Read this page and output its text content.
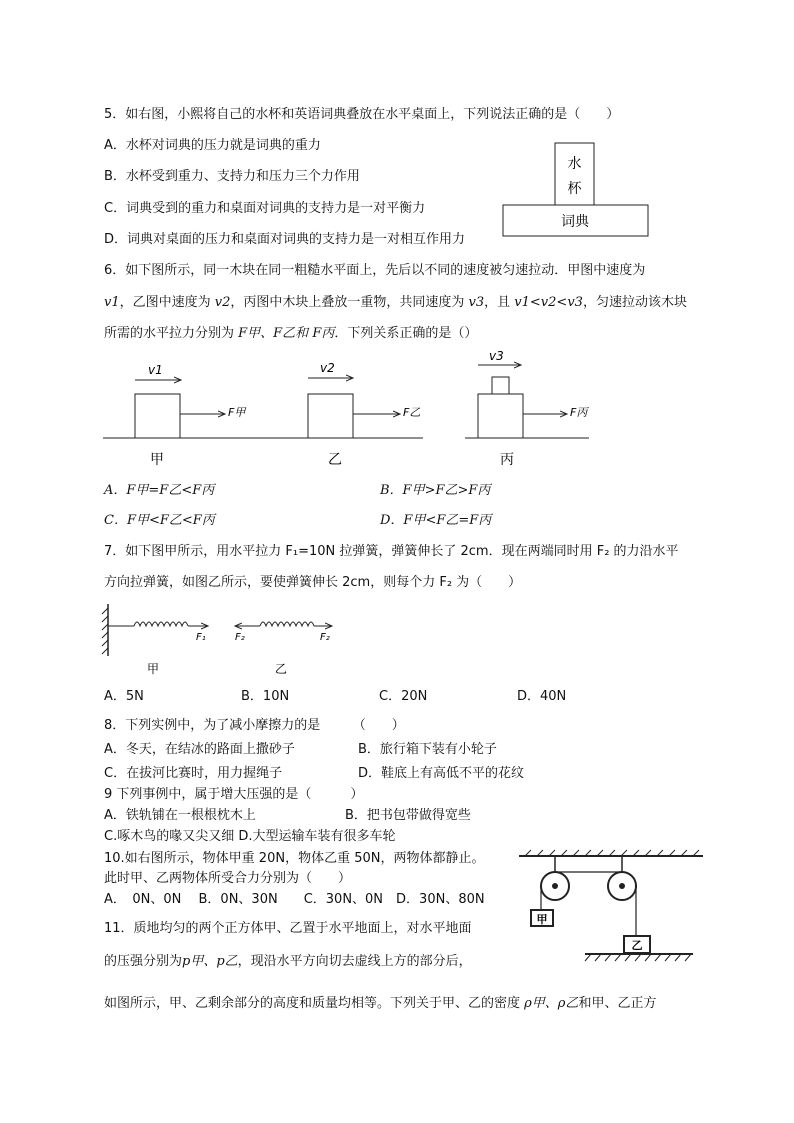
5．如右图，小熙将自己的水杯和英语词典叠放在水平桌面上，下列说法正确的是（　　）
A．水杯对词典的压力就是词典的重力
B．水杯受到重力、支持力和压力三个力作用
C．词典受到的重力和桌面对词典的支持力是一对平衡力
D．词典对桌面的压力和桌面对词典的支持力是一对相互作用力
水
杯
词典
6．如下图所示，同一木块在同一粗糙水平面上，先后以不同的速度被匀速拉动．甲图中速度为
v1，乙图中速度为 v2，丙图中木块上叠放一重物，共同速度为 v3，且 v1<v2<v3，匀速拉动该木块
所需的水平拉力分别为 F甲、F乙和 F丙．下列关系正确的是（）
v1
F甲
甲
v2
F乙
乙
v3
F丙
丙
A．F甲=F乙<F丙	B．F甲>F乙>F丙
C．F甲<F乙<F丙	D．F甲<F乙=F丙
7．如下图甲所示，用水平拉力 F₁=10N 拉弹簧，弹簧伸长了 2cm．现在两端同时用 F₂ 的力沿水平
方向拉弹簧，如图乙所示，要使弹簧伸长 2cm，则每个力 F₂ 为（　　）
F₁	F₂	F₂
甲	乙
A．5N	B．10N	C．20N	D．40N
8．下列实例中，为了减小摩擦力的是　　　（　　）
A．冬天，在结冰的路面上撒砂子	B．旅行箱下装有小轮子
C．在拔河比赛时，用力握绳子	D．鞋底上有高低不平的花纹
9 下列事例中，属于增大压强的是（　　　）
A．铁轨铺在一根根枕木上	B．把书包带做得宽些
C.啄木鸟的喙又尖又细 D.大型运输车装有很多车轮
10.如右图所示，物体甲重 20N，物体乙重 50N，两物体都静止。
此时甲、乙两物体所受合力分别为（　　）
A．　0N、0N　 B．0N、30N　　C．30N、0N　D．30N、80N
甲
乙
11．质地均匀的两个正方体甲、乙置于水平地面上，对水平地面
的压强分别为p甲、p乙，现沿水平方向切去虚线上方的部分后，
如图所示，甲、乙剩余部分的高度和质量均相等。下列关于甲、乙的密度 ρ甲、ρ乙和甲、乙正方
